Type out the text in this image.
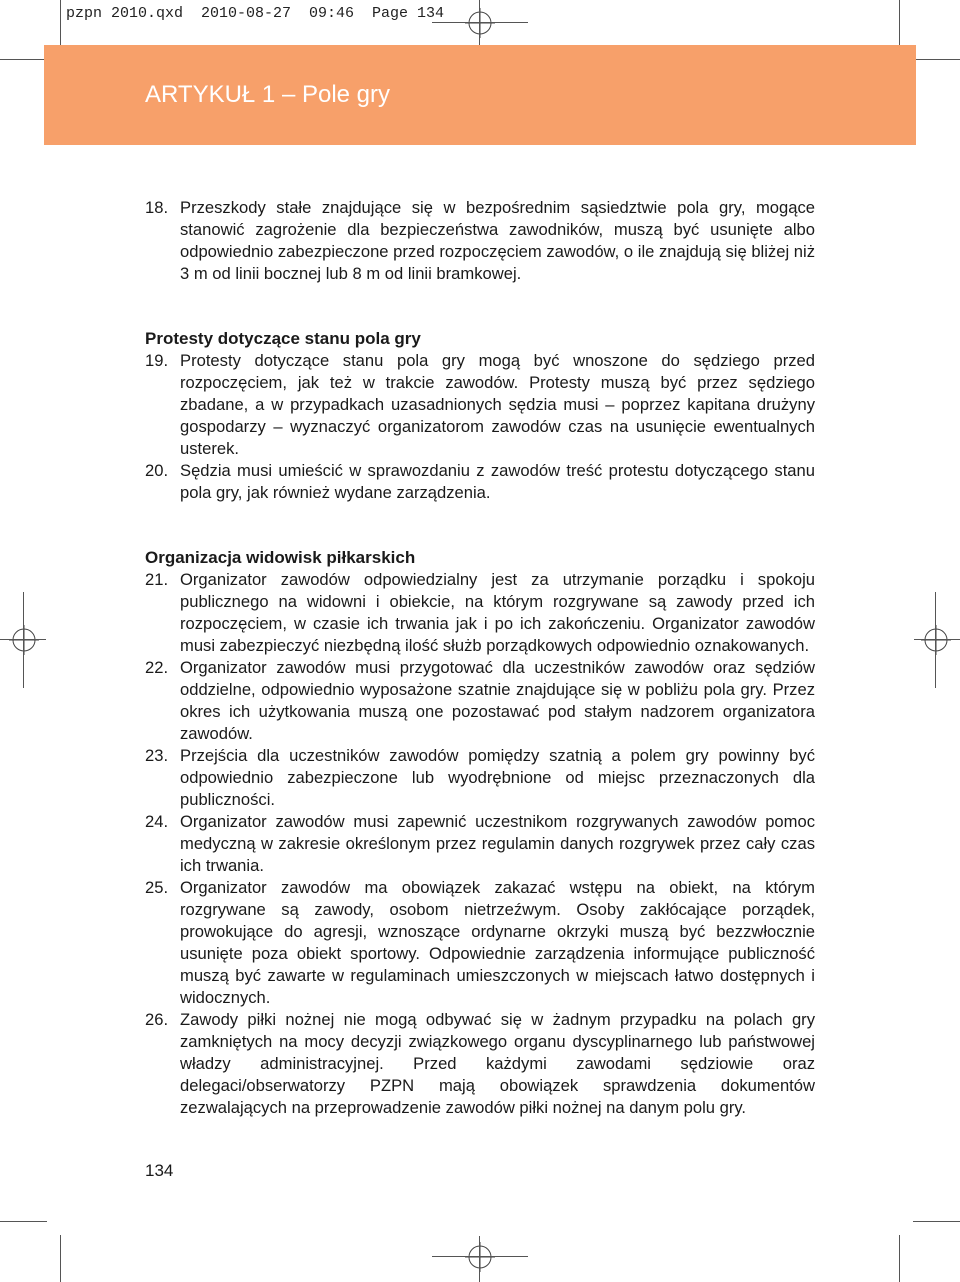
pzpn 2010.qxd  2010-08-27  09:46  Page 134
ARTYKUŁ 1 – Pole gry
18. Przeszkody stałe znajdujące się w bezpośrednim sąsiedztwie pola gry, mogące stanowić zagrożenie dla bezpieczeństwa zawodników, muszą być usunięte albo odpowiednio zabezpieczone przed rozpoczęciem zawodów, o ile znajdują się bliżej niż 3 m od linii bocznej lub 8 m od linii bramkowej.
Protesty dotyczące stanu pola gry
19. Protesty dotyczące stanu pola gry mogą być wnoszone do sędziego przed rozpoczęciem, jak też w trakcie zawodów. Protesty muszą być przez sędziego zbadane, a w przypadkach uzasadnionych sędzia musi – poprzez kapitana drużyny gospodarzy – wyznaczyć organizatorom zawodów czas na usunięcie ewentualnych usterek.
20. Sędzia musi umieścić w sprawozdaniu z zawodów treść protestu dotyczącego stanu pola gry, jak również wydane zarządzenia.
Organizacja widowisk piłkarskich
21. Organizator zawodów odpowiedzialny jest za utrzymanie porządku i spokoju publicznego na widowni i obiekcie, na którym rozgrywane są zawody przed ich rozpoczęciem, w czasie ich trwania jak i po ich zakończeniu. Organizator zawodów musi zabezpieczyć niezbędną ilość służb porządkowych odpowiednio oznakowanych.
22. Organizator zawodów musi przygotować dla uczestników zawodów oraz sędziów oddzielne, odpowiednio wyposażone szatnie znajdujące się w pobliżu pola gry. Przez okres ich użytkowania muszą one pozostawać pod stałym nadzorem organizatora zawodów.
23. Przejścia dla uczestników zawodów pomiędzy szatnią a polem gry powinny być odpowiednio zabezpieczone lub wyodrębnione od miejsc przeznaczonych dla publiczności.
24. Organizator zawodów musi zapewnić uczestnikom rozgrywanych zawodów pomoc medyczną w zakresie określonym przez regulamin danych rozgrywek przez cały czas ich trwania.
25. Organizator zawodów ma obowiązek zakazać wstępu na obiekt, na którym rozgrywane są zawody, osobom nietrzeźwym. Osoby zakłócające porządek, prowokujące do agresji, wznoszące ordynarne okrzyki muszą być bezzwłocznie usunięte poza obiekt sportowy. Odpowiednie zarządzenia informujące publiczność muszą być zawarte w regulaminach umieszczonych w miejscach łatwo dostępnych i widocznych.
26. Zawody piłki nożnej nie mogą odbywać się w żadnym przypadku na polach gry zamkniętych na mocy decyzji związkowego organu dyscyplinarnego lub państwowej władzy administracyjnej. Przed każdymi zawodami sędziowie oraz delegaci/obserwatorzy PZPN mają obowiązek sprawdzenia dokumentów zezwalających na przeprowadzenie zawodów piłki nożnej na danym polu gry.
134
